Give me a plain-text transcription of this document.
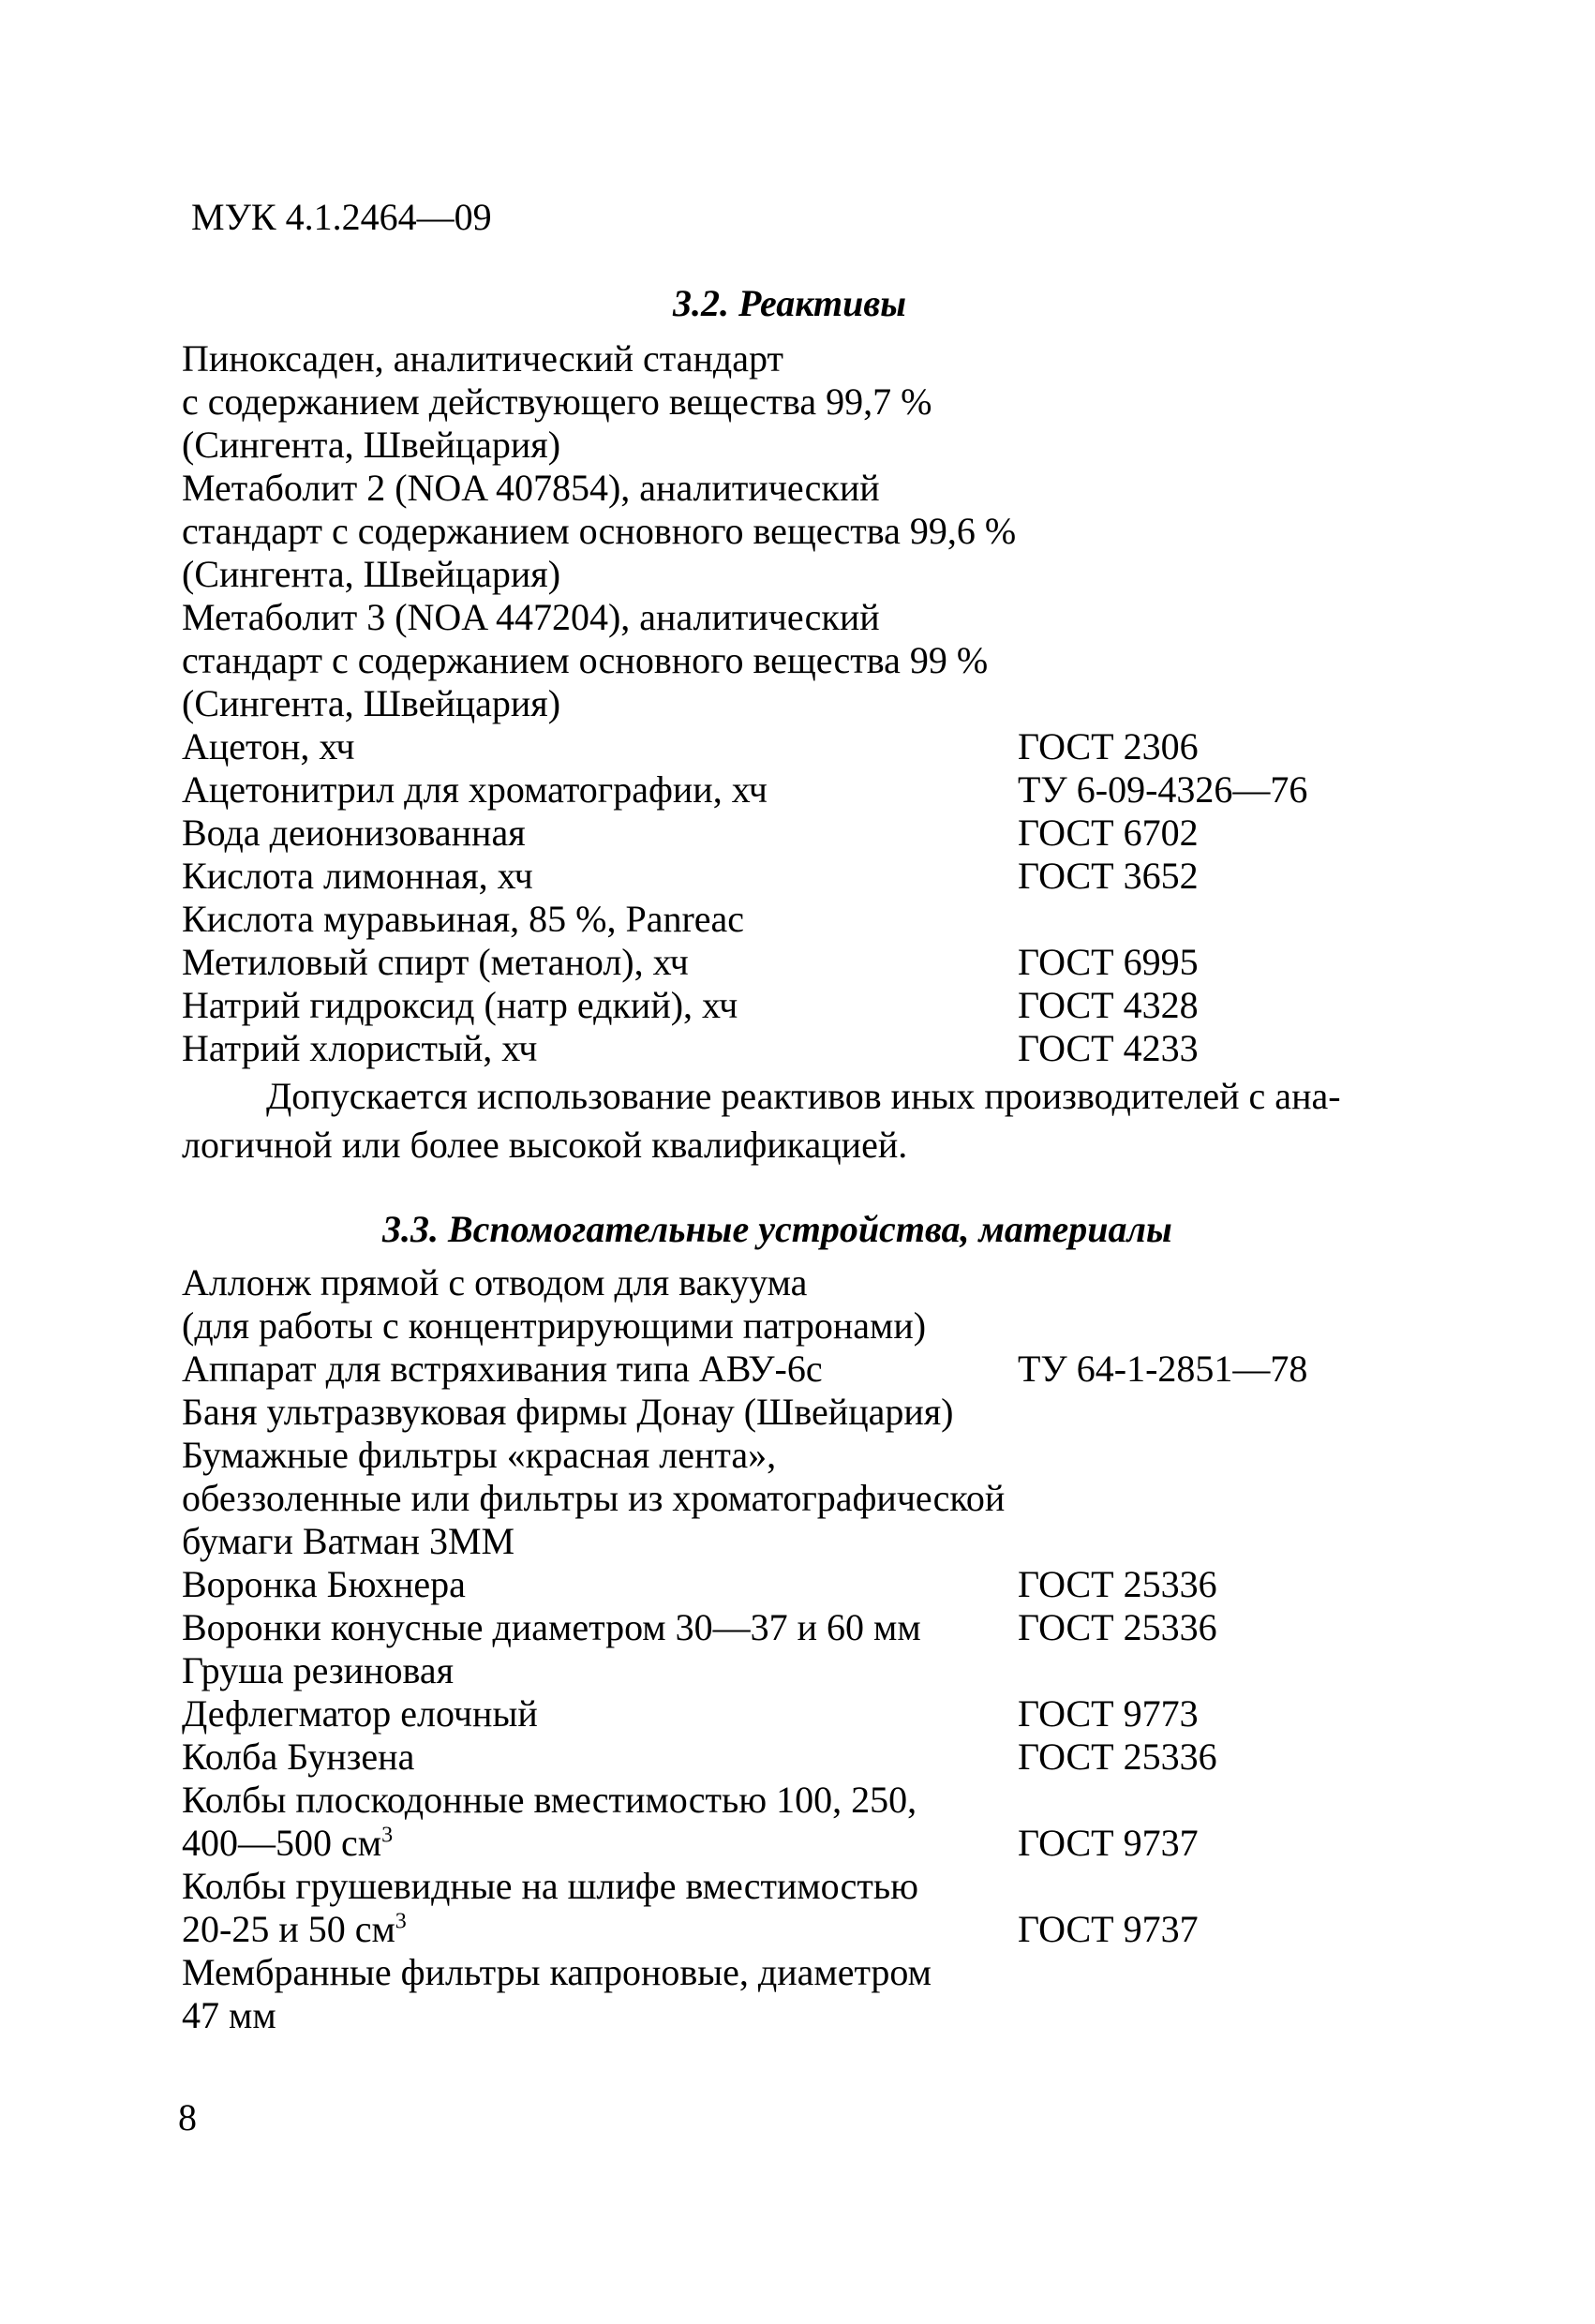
МУК 4.1.2464—09
3.2. Реактивы
Пиноксаден, аналитический стандарт
с содержанием действующего вещества 99,7 %
(Сингента, Швейцария)
Метаболит 2 (NOA 407854), аналитический
стандарт с содержанием основного вещества 99,6 %
(Сингента, Швейцария)
Метаболит 3 (NOA 447204), аналитический
стандарт с содержанием основного вещества 99 %
(Сингента, Швейцария)
Ацетон, хч	ГОСТ 2306
Ацетонитрил для хроматографии, хч	ТУ 6-09-4326—76
Вода деионизованная	ГОСТ 6702
Кислота лимонная, хч	ГОСТ 3652
Кислота муравьиная, 85 %, Panreac
Метиловый спирт (метанол), хч	ГОСТ 6995
Натрий гидроксид (натр едкий), хч	ГОСТ 4328
Натрий хлористый, хч	ГОСТ 4233
Допускается использование реактивов иных производителей с ана-
логичной или более высокой квалификацией.
3.3. Вспомогательные устройства, материалы
Аллонж прямой с отводом для вакуума
(для работы с концентрирующими патронами)
Аппарат для встряхивания типа АВУ-6с	ТУ 64-1-2851—78
Баня ультразвуковая фирмы Донау (Швейцария)
Бумажные фильтры «красная лента»,
обеззоленные или фильтры из хроматографической
бумаги Ватман 3ММ
Воронка Бюхнера	ГОСТ 25336
Воронки конусные диаметром 30—37 и 60 мм	ГОСТ 25336
Груша резиновая
Дефлегматор елочный	ГОСТ 9773
Колба Бунзена	ГОСТ 25336
Колбы плоскодонные вместимостью 100, 250,
400—500 $см^3$	ГОСТ 9737
Колбы грушевидные на шлифе вместимостью
20-25 и 50 $см^3$	ГОСТ 9737
Мембранные фильтры капроновые, диаметром
47 мм
8
